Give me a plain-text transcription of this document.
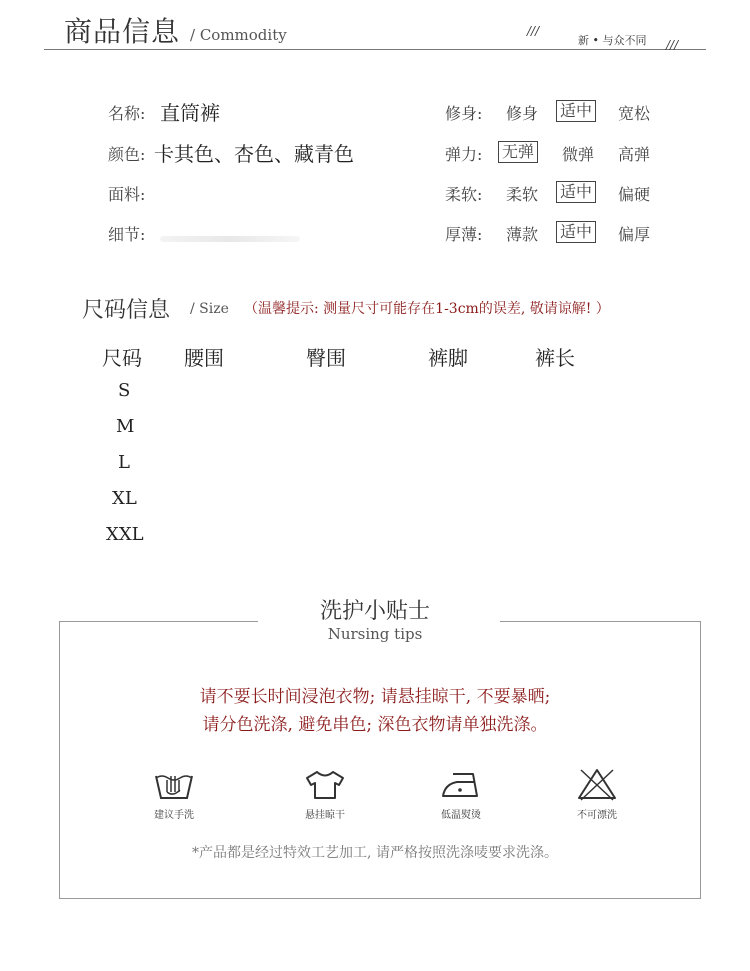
商品信息 / Commodity	///
新 • 与众不同 ///
名称: 直筒裤
颜色: 卡其色、杏色、藏青色
面料:
细节:
修身: 修身 适中 宽松
弹力: 无弹 微弹 高弹
柔软: 柔软 适中 偏硬
厚薄: 薄款 适中 偏厚
尺码信息 / Size （温馨提示: 测量尺寸可能存在1-3cm的误差, 敬请谅解! ）
尺码 腰围	臀围	裤脚	裤长
S
M
L
XL
XXL
洗护小贴士
Nursing tips
请不要长时间浸泡衣物; 请悬挂晾干, 不要暴晒;
请分色洗涤, 避免串色; 深色衣物请单独洗涤。
建议手洗	悬挂晾干	低温熨烫	不可漂洗
*产品都是经过特效工艺加工, 请严格按照洗涤唛要求洗涤。
